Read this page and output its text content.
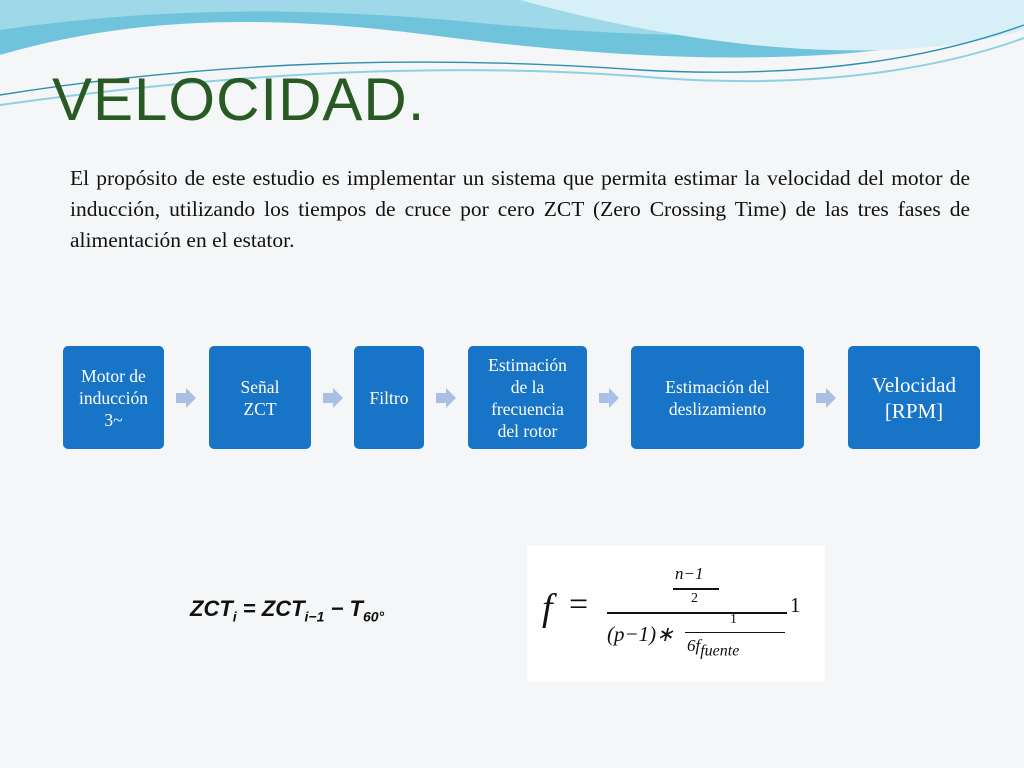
VELOCIDAD.

El propósito de este estudio es implementar un sistema que permita estimar la velocidad del motor de inducción, utilizando los tiempos de cruce por cero ZCT (Zero Crossing Time) de las tres fases de alimentación en el estator.

Motor de
inducción
3~
Señal
ZCT
Filtro
Estimación
de la
frecuencia
del rotor
Estimación del
deslizamiento
Velocidad
[RPM]
$ZCT_i = ZCT_{i-1} - T_{60^\circ}$	f =
n−1
2	1
(p−1)∗
1
$6f_{fuente}$
